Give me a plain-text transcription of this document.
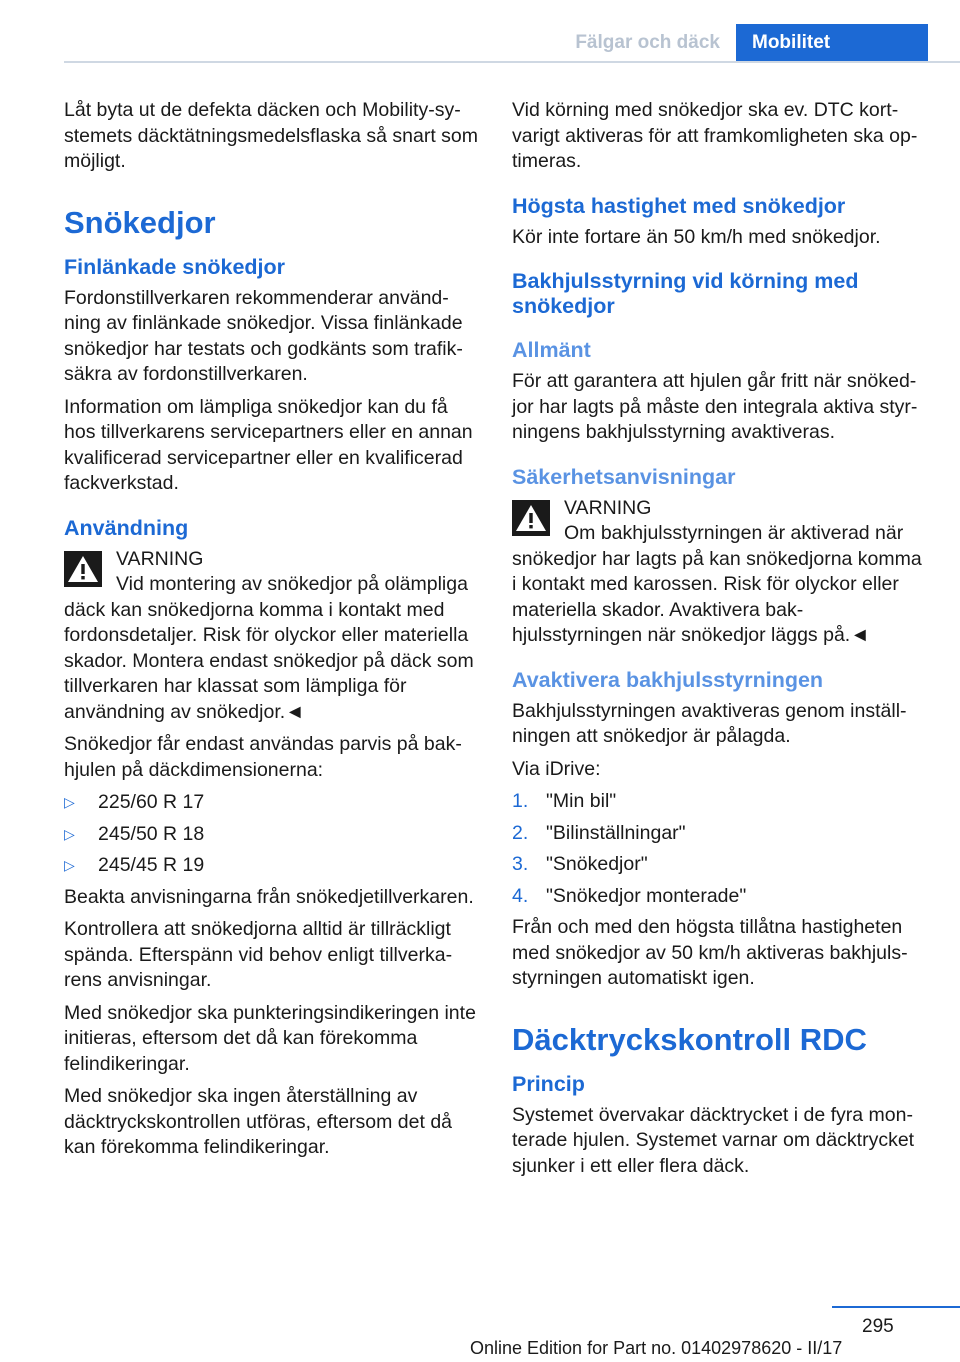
Fälgar och däck	Mobilitet

Låt byta ut de defekta däcken och Mobility-sy-stemets däcktätningsmedelsflaska så snart som möjligt.

Snökedjor
Finlänkade snökedjor

Fordonstillverkaren rekommenderar använd-ning av finlänkade snökedjor. Vissa finlänkade snökedjor har testats och godkänts som trafik-säkra av fordonstillverkaren.

Information om lämpliga snökedjor kan du få hos tillverkarens servicepartners eller en annan kvalificerad servicepartner eller en kvalificerad fackverkstad.

Användning

VARNING

Vid montering av snökedjor på olämpliga däck kan snökedjorna komma i kontakt med fordonsdetaljer. Risk för olyckor eller materiella skador. Montera endast snökedjor på däck som tillverkaren har klassat som lämpliga för användning av snökedjor.◄

Snökedjor får endast användas parvis på bak-hjulen på däckdimensionerna:

▷	225/60 R 17
▷	245/50 R 18
▷	245/45 R 19

Beakta anvisningarna från snökedjetillverkaren.

Kontrollera att snökedjorna alltid är tillräckligt spända. Efterspänn vid behov enligt tillverka-rens anvisningar.

Med snökedjor ska punkteringsindikeringen inte initieras, eftersom det då kan förekomma felindikeringar.

Med snökedjor ska ingen återställning av däcktryckskontrollen utföras, eftersom det då kan förekomma felindikeringar.

Vid körning med snökedjor ska ev. DTC kort-varigt aktiveras för att framkomligheten ska op-timeras.

Högsta hastighet med snökedjor

Kör inte fortare än 50 km/h med snökedjor.

Bakhjulsstyrning vid körning med snökedjor
Allmänt

För att garantera att hjulen går fritt när snöked-jor har lagts på måste den integrala aktiva styr-ningens bakhjulsstyrning avaktiveras.

Säkerhetsanvisningar

VARNING

Om bakhjulsstyrningen är aktiverad när snökedjor har lagts på kan snökedjorna komma i kontakt med karossen. Risk för olyckor eller materiella skador. Avaktivera bak-hjulsstyrningen när snökedjor läggs på.◄

Avaktivera bakhjulsstyrningen

Bakhjulsstyrningen avaktiveras genom inställ-ningen att snökedjor är pålagda.

Via iDrive:

1. "Min bil"
2. "Bilinställningar"
3. "Snökedjor"
4. "Snökedjor monterade"

Från och med den högsta tillåtna hastigheten med snökedjor av 50 km/h aktiveras bakhjuls-styrningen automatiskt igen.

Däcktryckskontroll RDC
Princip

Systemet övervakar däcktrycket i de fyra mon-terade hjulen. Systemet varnar om däcktrycket sjunker i ett eller flera däck.

295
Online Edition for Part no. 01402978620 - II/17
